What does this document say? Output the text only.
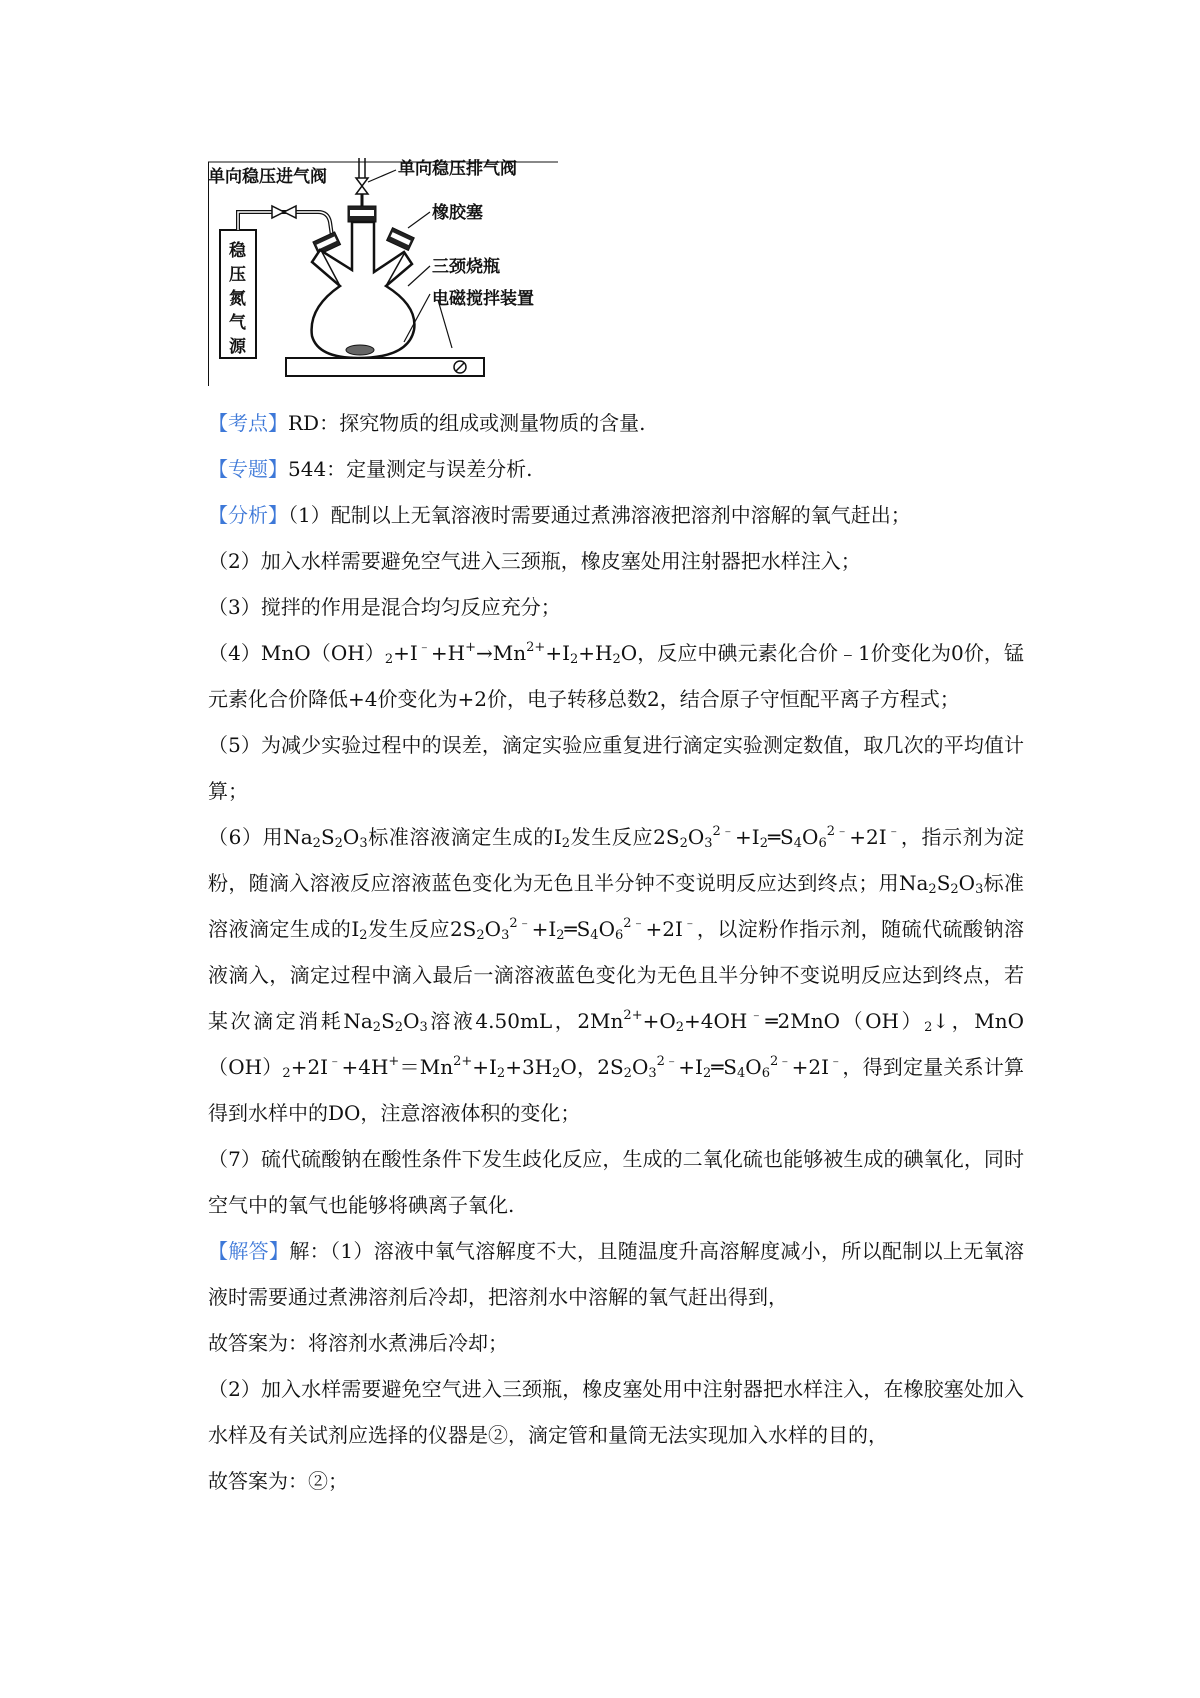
单向稳压进气阀	单向稳压排气阀
橡胶塞
三颈烧瓶
电磁搅拌装置
稳
压
氮
气
源

【考点】RD：探究物质的组成或测量物质的含量.

【专题】544：定量测定与误差分析.

【分析】（1）配制以上无氧溶液时需要通过煮沸溶液把溶剂中溶解的氧气赶出；

（2）加入水样需要避免空气进入三颈瓶，橡皮塞处用注射器把水样注入；

（3）搅拌的作用是混合均匀反应充分；

$(4)MnO(OH)_2+I^﹣+H^+\to Mn^{2+}+I_2+H_2O$，反应中碘元素化合价﹣1价变化为0价，锰元素化合价降低+4价变化为+2价，电子转移总数2，结合原子守恒配平离子方程式；

（5）为减少实验过程中的误差，滴定实验应重复进行滴定实验测定数值，取几次的平均值计算；

（6）用$Na_2S_2O_3$标准溶液滴定生成的$I_2$发生反应$2S_2O_3^{2﹣}+I_2═S_4O_6^{2﹣}+2I^﹣$，指示剂为淀粉，随滴入溶液反应溶液蓝色变化为无色且半分钟不变说明反应达到终点；用$Na_2S_2O_3$标准溶液滴定生成的$I_2$发生反应$2S_2O_3^{2﹣}+I_2═S_4O_6^{2﹣}+2I^﹣$，以淀粉作指示剂，随硫代硫酸钠溶液滴入，滴定过程中滴入最后一滴溶液蓝色变化为无色且半分钟不变说明反应达到终点，若某次滴定消耗$Na_2S_2O_3$溶液4.50mL，$2Mn^{2+}+O_2+4OH^﹣═2MnO(OH)_2↓$，$MnO(OH)_2+2I^﹣+4H^+=Mn^{2+}+I_2+3H_2O$，$2S_2O_3^{2﹣}+I_2═S_4O_6^{2﹣}+2I^﹣$，得到定量关系计算得到水样中的DO，注意溶液体积的变化；

（7）硫代硫酸钠在酸性条件下发生歧化反应，生成的二氧化硫也能够被生成的碘氧化，同时空气中的氧气也能够将碘离子氧化.

【解答】解：（1）溶液中氧气溶解度不大，且随温度升高溶解度减小，所以配制以上无氧溶液时需要通过煮沸溶剂后冷却，把溶剂水中溶解的氧气赶出得到，

故答案为：将溶剂水煮沸后冷却；

（2）加入水样需要避免空气进入三颈瓶，橡皮塞处用中注射器把水样注入，在橡胶塞处加入水样及有关试剂应选择的仪器是②，滴定管和量筒无法实现加入水样的目的，

故答案为：②；
